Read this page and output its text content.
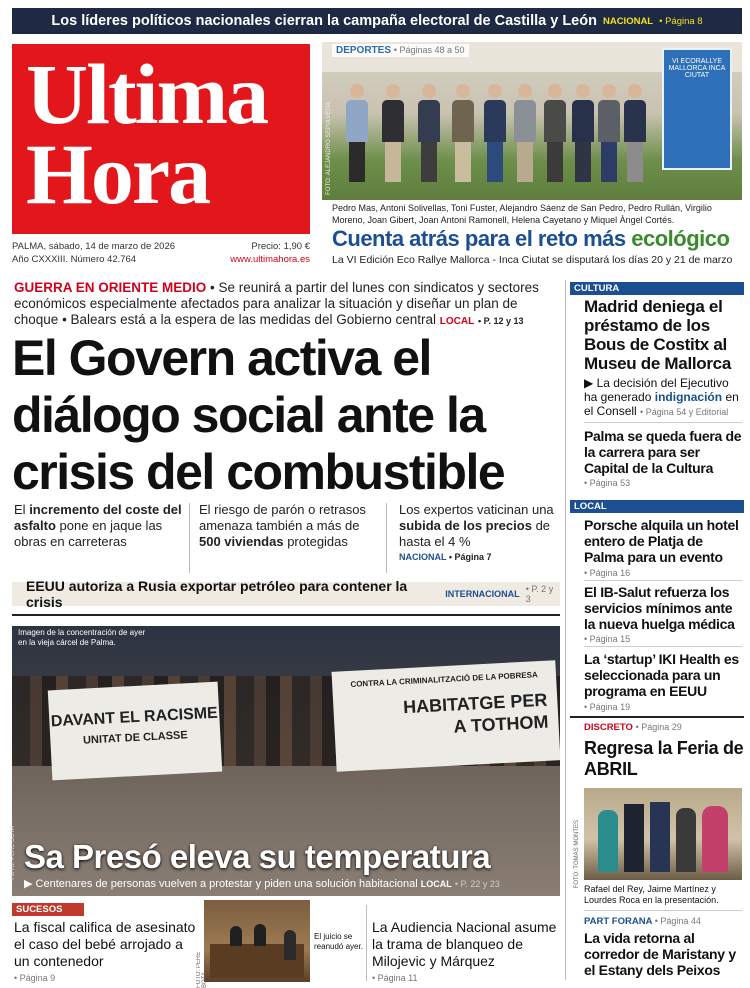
Los líderes políticos nacionales cierran la campaña electoral de Castilla y León NACIONAL • Página 8
Ultima
Hora
PALMA, sábado, 14 de marzo de 2026	Precio: 1,90 €
Año CXXXIII. Número 42.764	www.ultimahora.es
VI ECORALLYE MALLORCA INCA CIUTAT
FOTO: ALEJANDRO SEPÚLVEDA
DEPORTES • Páginas 48 a 50
Pedro Mas, Antoni Solivellas, Toni Fuster, Alejandro Sáenz de San Pedro, Pedro Rullán, Virgilio Moreno, Joan Gibert, Joan Antoni Ramonell, Helena Cayetano y Miquel Àngel Cortés.
Cuenta atrás para el reto más ecológico
La VI Edición Eco Rallye Mallorca - Inca Ciutat se disputará los días 20 y 21 de marzo
GUERRA EN ORIENTE MEDIO • Se reunirá a partir del lunes con sindicatos y sectores económicos especialmente afectados para analizar la situación y diseñar un plan de choque • Balears está a la espera de las medidas del Gobierno central LOCAL • P. 12 y 13
El Govern activa el diálogo social ante la crisis del combustible
El incremento del coste del asfalto pone en jaque las obras en carreteras
El riesgo de parón o retrasos amenaza también a más de 500 viviendas protegidas
Los expertos vaticinan una subida de los precios de hasta el 4 %
NACIONAL • Página 7
EEUU autoriza a Rusia exportar petróleo para contener la crisis	INTERNACIONAL • P. 2 y 3
Imagen de la concentración de ayer en la vieja cárcel de Palma.
DAVANT EL RACISME
UNITAT DE CLASSE
CONTRA LA CRIMINALITZACIÓ DE LA POBRESA
HABITATGE PER A TOTHOM
FOTO: PERE BOTA Sa Presó eleva su temperatura
▶ Centenares de personas vuelven a protestar y piden una solución habitacional LOCAL • P. 22 y 23
SUCESOS
La fiscal califica de asesinato el caso del bebé arrojado a un contenedor
• Página 9	FOTO: PERE BOTA
El juicio se reanudó ayer.
La Audiencia Nacional asume la trama de blanqueo de Milojevic y Márquez
• Página 11
CULTURA
Madrid deniega el préstamo de los Bous de Costitx al Museu de Mallorca
▶ La decisión del Ejecutivo ha generado indignación en el Consell • Página 54 y Editorial
Palma se queda fuera de la carrera para ser Capital de la Cultura
• Página 53
LOCAL
Porsche alquila un hotel entero de Platja de Palma para un evento
• Página 16
El IB-Salut refuerza los servicios mínimos ante la nueva huelga médica
• Página 15
La ‘startup’ IKI Health es seleccionada para un programa en EEUU
• Página 19
DISCRETO • Página 29
Regresa la Feria de ABRIL
FOTO: TOMÁS MONTES
Rafael del Rey, Jaime Martínez y Lourdes Roca en la presentación.
PART FORANA • Página 44
La vida retorna al corredor de Maristany y el Estany dels Peixos
